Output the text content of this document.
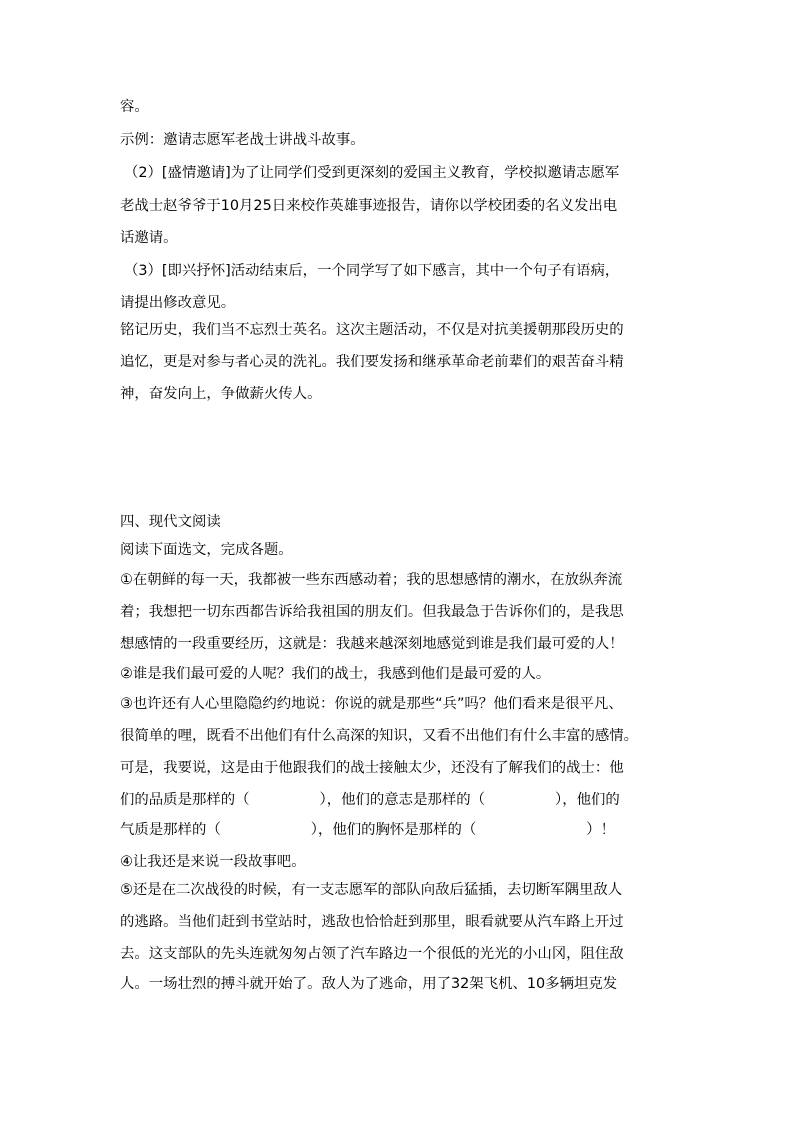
容。
示例：邀请志愿军老战士讲战斗故事。
（2）[盛情邀请]为了让同学们受到更深刻的爱国主义教育，学校拟邀请志愿军
老战士赵爷爷于10月25日来校作英雄事迹报告，请你以学校团委的名义发出电
话邀请。
（3）[即兴抒怀]活动结束后，一个同学写了如下感言，其中一个句子有语病，
请提出修改意见。
铭记历史，我们当不忘烈士英名。这次主题活动，不仅是对抗美援朝那段历史的
追忆，更是对参与者心灵的洗礼。我们要发扬和继承革命老前辈们的艰苦奋斗精
神，奋发向上，争做薪火传人。
四、现代文阅读
阅读下面选文，完成各题。
①在朝鲜的每一天，我都被一些东西感动着；我的思想感情的潮水，在放纵奔流
着；我想把一切东西都告诉给我祖国的朋友们。但我最急于告诉你们的，是我思
想感情的一段重要经历，这就是：我越来越深刻地感觉到谁是我们最可爱的人！
②谁是我们最可爱的人呢？我们的战士，我感到他们是最可爱的人。
③也许还有人心里隐隐约约地说：你说的就是那些“兵”吗？他们看来是很平凡、
很简单的哩，既看不出他们有什么高深的知识，又看不出他们有什么丰富的感情。
可是，我要说，这是由于他跟我们的战士接触太少，还没有了解我们的战士：他
们的品质是那样的（	），他们的意志是那样的（	），他们的
气质是那样的（	），他们的胸怀是那样的（	）！
④让我还是来说一段故事吧。
⑤还是在二次战役的时候，有一支志愿军的部队向敌后猛插，去切断军隅里敌人
的逃路。当他们赶到书堂站时，逃敌也恰恰赶到那里，眼看就要从汽车路上开过
去。这支部队的先头连就匆匆占领了汽车路边一个很低的光光的小山冈，阻住敌
人。一场壮烈的搏斗就开始了。敌人为了逃命，用了32架飞机、10多辆坦克发
